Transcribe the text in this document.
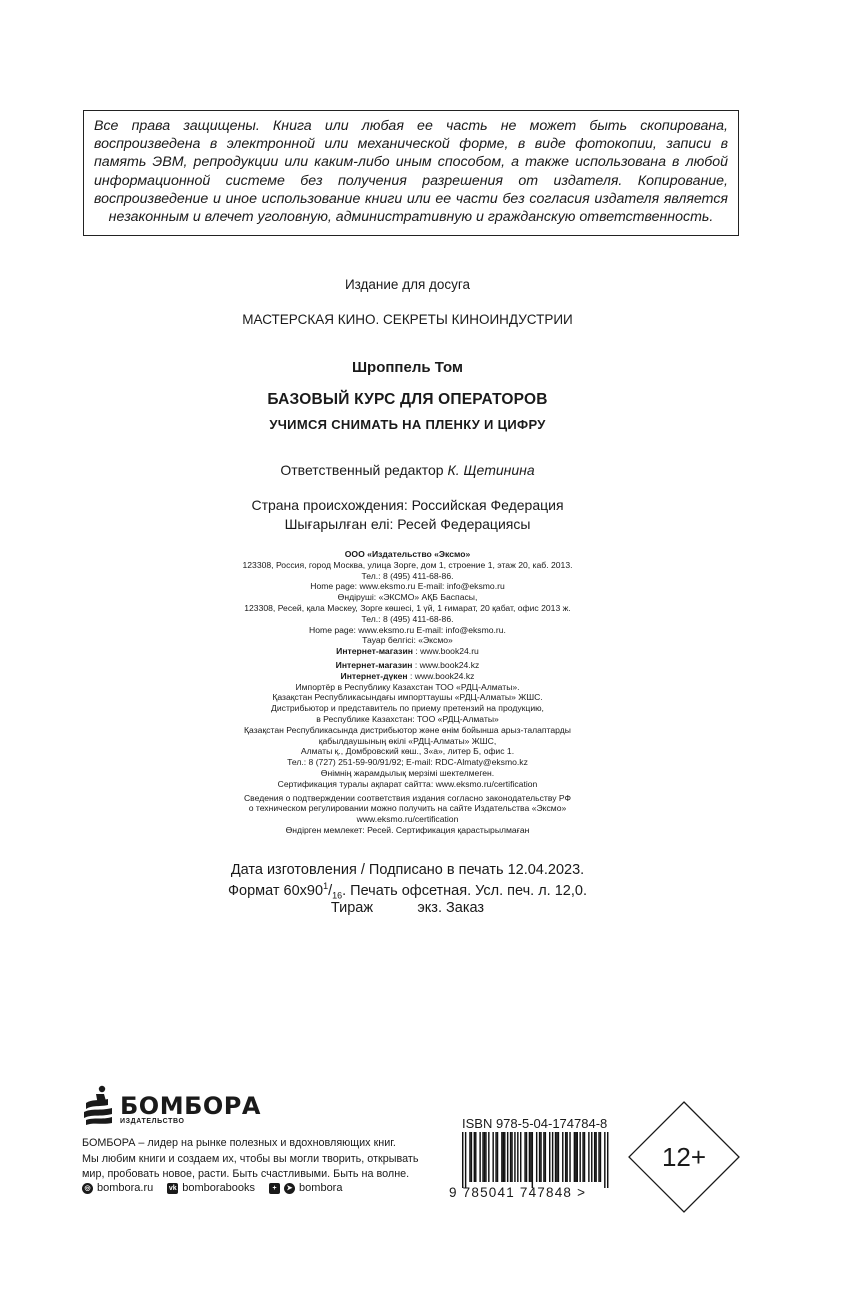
Все права защищены. Книга или любая ее часть не может быть скопирована, воспроизведена в электронной или механической форме, в виде фотокопии, записи в память ЭВМ, репродукции или каким-либо иным способом, а также использована в любой информационной системе без получения разрешения от издателя. Копирование, воспроизведение и иное использование книги или ее части без согласия издателя является незаконным и влечет уголовную, административную и гражданскую ответственность.
Издание для досуга
МАСТЕРСКАЯ КИНО. СЕКРЕТЫ КИНОИНДУСТРИИ
Шроппель Том
БАЗОВЫЙ КУРС ДЛЯ ОПЕРАТОРОВ
УЧИМСЯ СНИМАТЬ НА ПЛЕНКУ И ЦИФРУ
Ответственный редактор К. Щетинина
Страна происхождения: Российская Федерация
Шығарылған елі: Ресей Федерациясы
ООО «Издательство «Эксмо»
123308, Россия, город Москва, улица Зорге, дом 1, строение 1, этаж 20, каб. 2013.
Тел.: 8 (495) 411-68-86.
Home page: www.eksmo.ru E-mail: info@eksmo.ru
Өндіруші: «ЭКСМО» АҚБ Баспасы,
123308, Ресей, қала Мәскеу, Зорге көшесі, 1 үй, 1 ғимарат, 20 қабат, офис 2013 ж.
Тел.: 8 (495) 411-68-86.
Home page: www.eksmo.ru E-mail: info@eksmo.ru.
Тауар белгісі: «Эксмо»
Интернет-магазин : www.book24.ru
Интернет-магазин : www.book24.kz
Интернет-дүкен : www.book24.kz
Импортёр в Республику Казахстан ТОО «РДЦ-Алматы».
Қазақстан Республикасындағы импорттаушы «РДЦ-Алматы» ЖШС.
Дистрибьютор и представитель по приему претензий на продукцию,
в Республике Казахстан: ТОО «РДЦ-Алматы»
Қазақстан Республикасында дистрибьютор және өнім бойынша арыз-талаптарды
қабылдаушының өкілі «РДЦ-Алматы» ЖШС,
Алматы қ., Домбровский көш., 3«а», литер Б, офис 1.
Тел.: 8 (727) 251-59-90/91/92; E-mail: RDC-Almaty@eksmo.kz
Өнімнің жарамдылық мерзімі шектелмеген.
Сертификация туралы ақпарат сайтта: www.eksmo.ru/certification
Сведения о подтверждении соответствия издания согласно законодательству РФ
о техническом регулировании можно получить на сайте Издательства «Эксмо»
www.eksmo.ru/certification
Өндірген мемлекет: Ресей. Сертификация қарастырылмаған
Дата изготовления / Подписано в печать 12.04.2023.
Формат $60x90^1/_{16}$. Печать офсетная. Усл. печ. л. 12,0.
Тираж	экз. Заказ
БОМБОРА
ИЗДАТЕЛЬСТВО
БОМБОРА – лидер на рынке полезных и вдохновляющих книг.
Мы любим книги и создаем их, чтобы вы могли творить, открывать
мир, пробовать новое, расти. Быть счастливыми. Быть на волне.
◎ bombora.ru vk bomborabooks	+	➤ bombora
ISBN 978-5-04-174784-8
9 785041 747848 >
12+
